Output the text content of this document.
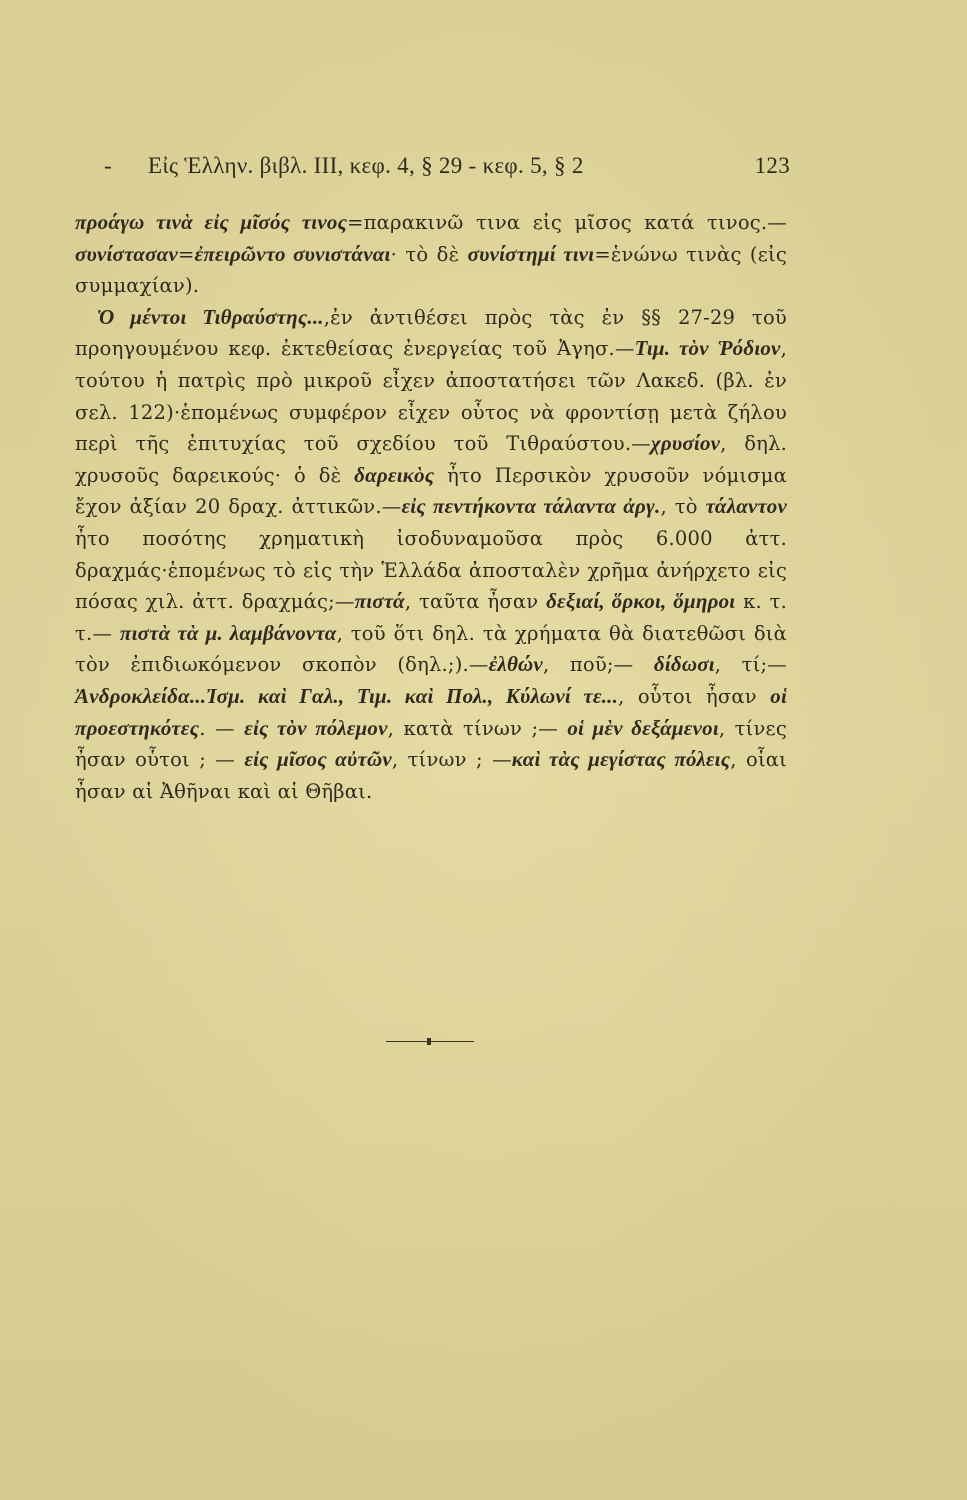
- Εἰς Ἑλλην. βιβλ. ΙΙΙ, κεφ. 4, § 29 - κεφ. 5, § 2	123

προάγω τινὰ εἰς μῖσός τινος=παρακινῶ τινα εἰς μῖσος κατά τινος.—συνίστασαν=ἐπειρῶντο συνιστάναι· τὸ δὲ συνίστημί τινι=ἑνώνω τινὰς (εἰς συμμαχίαν).

Ὁ μέντοι Τιθραύστης...,ἐν ἀντιθέσει πρὸς τὰς ἐν §§ 27-29 τοῦ προηγουμένου κεφ. ἐκτεθείσας ἐνεργείας τοῦ Ἀγησ.—Τιμ. τὸν Ῥόδιον, τούτου ἡ πατρὶς πρὸ μικροῦ εἶχεν ἀποστατήσει τῶν Λακεδ. (βλ. ἐν σελ. 122)·ἑπομένως συμφέρον εἶχεν οὗτος νὰ φροντίσῃ μετὰ ζήλου περὶ τῆς ἐπιτυχίας τοῦ σχεδίου τοῦ Τιθραύστου.—χρυσίον, δηλ. χρυσοῦς δαρεικούς· ὁ δὲ δαρεικὸς ἦτο Περσικὸν χρυσοῦν νόμισμα ἔχον ἀξίαν 20 δραχ. ἀττικῶν.—εἰς πεντήκοντα τάλαντα ἀργ., τὸ τάλαντον ἦτο ποσότης χρηματικὴ ἰσοδυναμοῦσα πρὸς 6.000 ἀττ. δραχμάς·ἑπομένως τὸ εἰς τὴν Ἑλλάδα ἀποσταλὲν χρῆμα ἀνήρχετο εἰς πόσας χιλ. ἀττ. δραχμάς;—πιστά, ταῦτα ἦσαν δεξιαί, ὅρκοι, ὅμηροι κ. τ. τ.— πιστὰ τὰ μ. λαμβάνοντα, τοῦ ὅτι δηλ. τὰ χρήματα θὰ διατεθῶσι διὰ τὸν ἐπιδιωκόμενον σκοπὸν (δηλ.;).—ἐλθών, ποῦ;— δίδωσι, τί;—Ἀνδροκλείδα...Ἰσμ. καὶ Γαλ., Τιμ. καὶ Πολ., Κύλωνί τε..., οὗτοι ἦσαν οἱ προεστηκότες. — εἰς τὸν πόλεμον, κατὰ τίνων ;— οἱ μὲν δεξάμενοι, τίνες ἦσαν οὗτοι ; — εἰς μῖσος αὐτῶν, τίνων ; —καὶ τὰς μεγίστας πόλεις, οἷαι ἦσαν αἱ Ἀθῆναι καὶ αἱ Θῆβαι.
